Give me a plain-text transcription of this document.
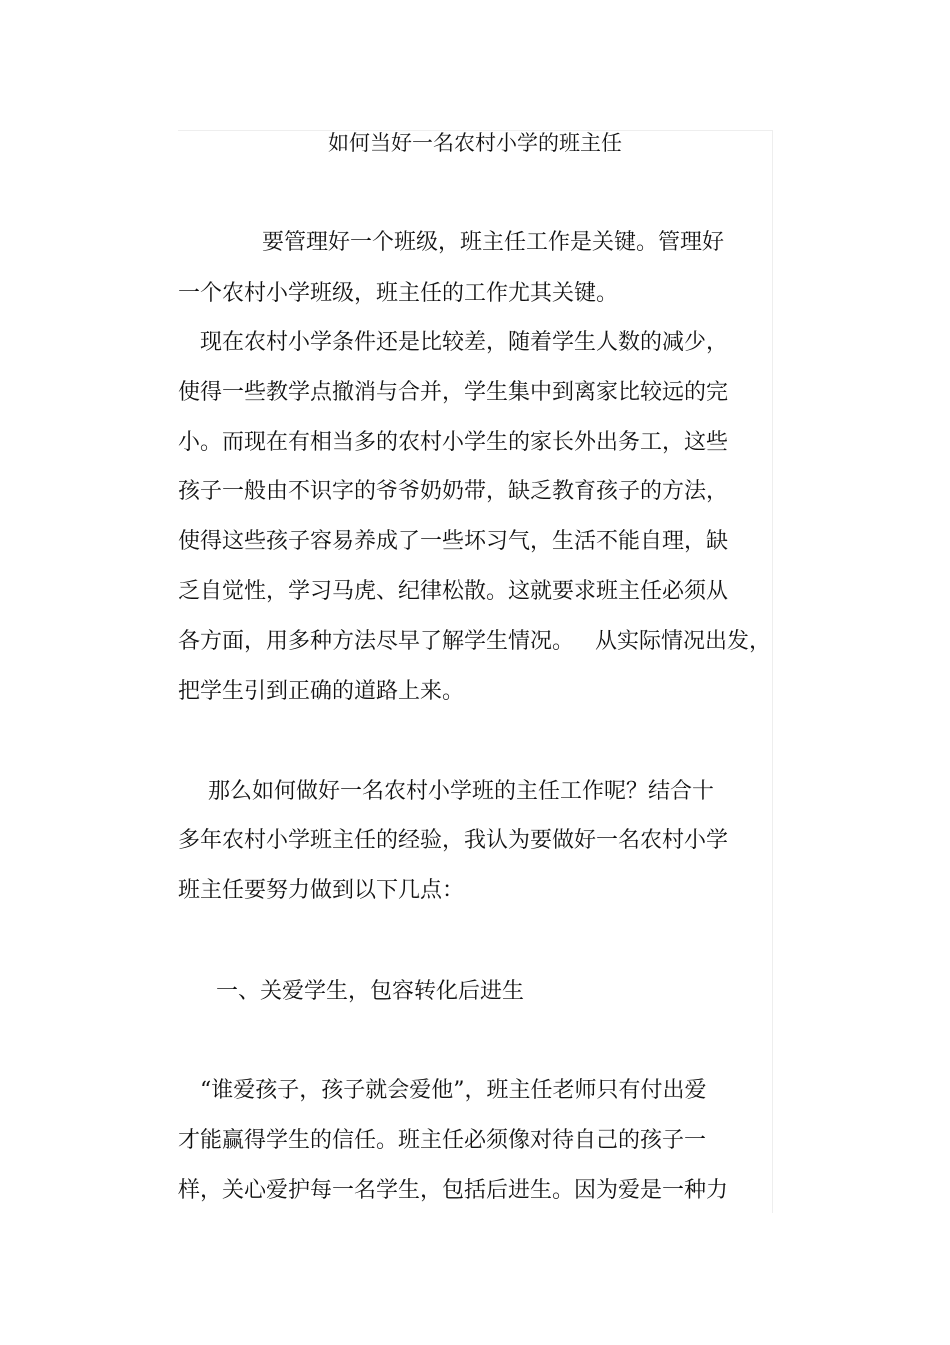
如何当好一名农村小学的班主任

要管理好一个班级，班主任工作是关键。管理好

一个农村小学班级，班主任的工作尤其关键。

现在农村小学条件还是比较差，随着学生人数的减少，

使得一些教学点撤消与合并，学生集中到离家比较远的完

小。而现在有相当多的农村小学生的家长外出务工，这些

孩子一般由不识字的爷爷奶奶带，缺乏教育孩子的方法，

使得这些孩子容易养成了一些坏习气，生活不能自理，缺

乏自觉性，学习马虎、纪律松散。这就要求班主任必须从

各方面，用多种方法尽早了解学生情况。   从实际情况出发，

把学生引到正确的道路上来。

那么如何做好一名农村小学班的主任工作呢？结合十

多年农村小学班主任的经验，我认为要做好一名农村小学

班主任要努力做到以下几点：

一、关爱学生，包容转化后进生

“谁爱孩子，孩子就会爱他”，班主任老师只有付出爱

才能赢得学生的信任。班主任必须像对待自己的孩子一

样，关心爱护每一名学生，包括后进生。因为爱是一种力
